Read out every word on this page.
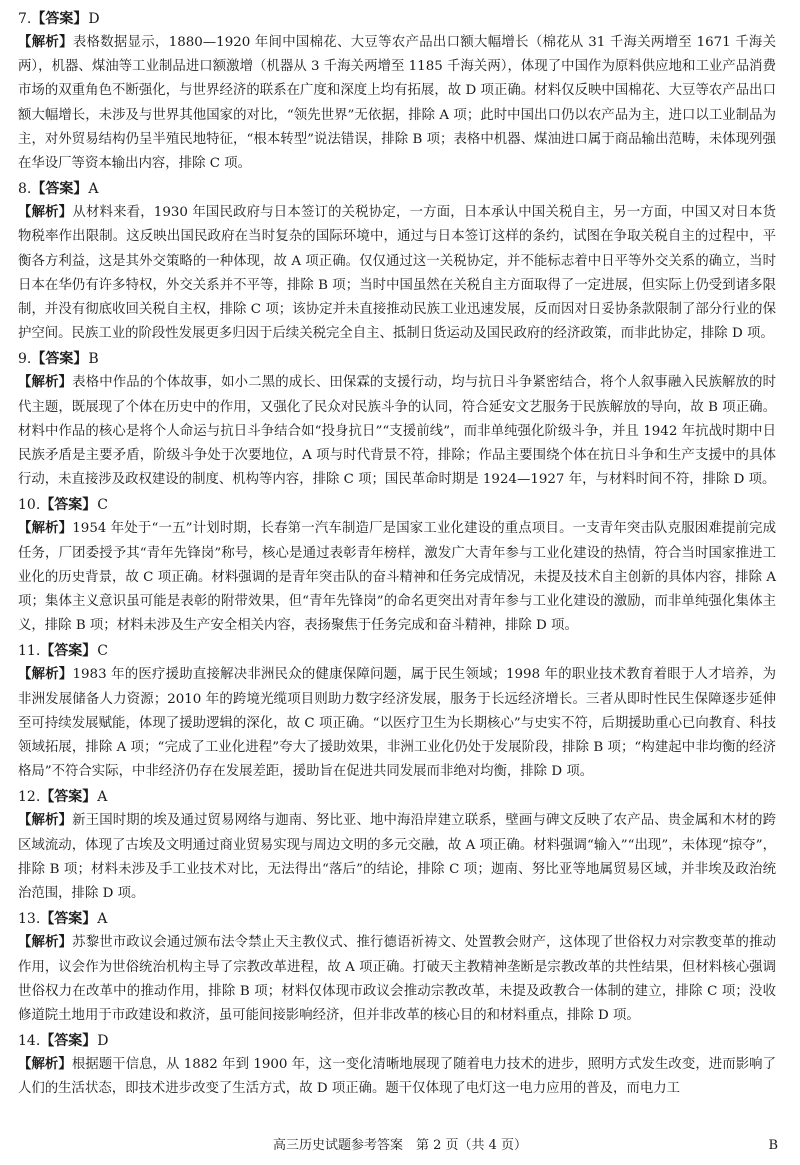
7.【答案】D

【解析】表格数据显示，1880—1920 年间中国棉花、大豆等农产品出口额大幅增长（棉花从 31 千海关两增至 1671 千海关两），机器、煤油等工业制品进口额激增（机器从 3 千海关两增至 1185 千海关两），体现了中国作为原料供应地和工业产品消费市场的双重角色不断强化，与世界经济的联系在广度和深度上均有拓展，故 D 项正确。材料仅反映中国棉花、大豆等农产品出口额大幅增长，未涉及与世界其他国家的对比，“领先世界”无依据，排除 A 项；此时中国出口仍以农产品为主，进口以工业制品为主，对外贸易结构仍呈半殖民地特征，“根本转型”说法错误，排除 B 项；表格中机器、煤油进口属于商品输出范畴，未体现列强在华设厂等资本输出内容，排除 C 项。

8.【答案】A

【解析】从材料来看，1930 年国民政府与日本签订的关税协定，一方面，日本承认中国关税自主，另一方面，中国又对日本货物税率作出限制。这反映出国民政府在当时复杂的国际环境中，通过与日本签订这样的条约，试图在争取关税自主的过程中，平衡各方利益，这是其外交策略的一种体现，故 A 项正确。仅仅通过这一关税协定，并不能标志着中日平等外交关系的确立，当时日本在华仍有许多特权，外交关系并不平等，排除 B 项；当时中国虽然在关税自主方面取得了一定进展，但实际上仍受到诸多限制，并没有彻底收回关税自主权，排除 C 项；该协定并未直接推动民族工业迅速发展，反而因对日妥协条款限制了部分行业的保护空间。民族工业的阶段性发展更多归因于后续关税完全自主、抵制日货运动及国民政府的经济政策，而非此协定，排除 D 项。

9.【答案】B

【解析】表格中作品的个体故事，如小二黑的成长、田保霖的支援行动，均与抗日斗争紧密结合，将个人叙事融入民族解放的时代主题，既展现了个体在历史中的作用，又强化了民众对民族斗争的认同，符合延安文艺服务于民族解放的导向，故 B 项正确。材料中作品的核心是将个人命运与抗日斗争结合如“投身抗日”“支援前线”，而非单纯强化阶级斗争，并且 1942 年抗战时期中日民族矛盾是主要矛盾，阶级斗争处于次要地位，A 项与时代背景不符，排除；作品主要围绕个体在抗日斗争和生产支援中的具体行动，未直接涉及政权建设的制度、机构等内容，排除 C 项；国民革命时期是 1924—1927 年，与材料时间不符，排除 D 项。

10.【答案】C

【解析】1954 年处于“一五”计划时期，长春第一汽车制造厂是国家工业化建设的重点项目。一支青年突击队克服困难提前完成任务，厂团委授予其“青年先锋岗”称号，核心是通过表彰青年榜样，激发广大青年参与工业化建设的热情，符合当时国家推进工业化的历史背景，故 C 项正确。材料强调的是青年突击队的奋斗精神和任务完成情况，未提及技术自主创新的具体内容，排除 A 项；集体主义意识虽可能是表彰的附带效果，但“青年先锋岗”的命名更突出对青年参与工业化建设的激励，而非单纯强化集体主义，排除 B 项；材料未涉及生产安全相关内容，表扬聚焦于任务完成和奋斗精神，排除 D 项。

11.【答案】C

【解析】1983 年的医疗援助直接解决非洲民众的健康保障问题，属于民生领域；1998 年的职业技术教育着眼于人才培养，为非洲发展储备人力资源；2010 年的跨境光缆项目则助力数字经济发展，服务于长远经济增长。三者从即时性民生保障逐步延伸至可持续发展赋能，体现了援助逻辑的深化，故 C 项正确。“以医疗卫生为长期核心”与史实不符，后期援助重心已向教育、科技领域拓展，排除 A 项；“完成了工业化进程”夸大了援助效果，非洲工业化仍处于发展阶段，排除 B 项；“构建起中非均衡的经济格局”不符合实际，中非经济仍存在发展差距，援助旨在促进共同发展而非绝对均衡，排除 D 项。

12.【答案】A

【解析】新王国时期的埃及通过贸易网络与迦南、努比亚、地中海沿岸建立联系，壁画与碑文反映了农产品、贵金属和木材的跨区域流动，体现了古埃及文明通过商业贸易实现与周边文明的多元交融，故 A 项正确。材料强调“输入”“出现”，未体现“掠夺”，排除 B 项；材料未涉及手工业技术对比，无法得出“落后”的结论，排除 C 项；迦南、努比亚等地属贸易区域，并非埃及政治统治范围，排除 D 项。

13.【答案】A

【解析】苏黎世市政议会通过颁布法令禁止天主教仪式、推行德语祈祷文、处置教会财产，这体现了世俗权力对宗教变革的推动作用，议会作为世俗统治机构主导了宗教改革进程，故 A 项正确。打破天主教精神垄断是宗教改革的共性结果，但材料核心强调世俗权力在改革中的推动作用，排除 B 项；材料仅体现市政议会推动宗教改革，未提及政教合一体制的建立，排除 C 项；没收修道院土地用于市政建设和救济，虽可能间接影响经济，但并非改革的核心目的和材料重点，排除 D 项。

14.【答案】D

【解析】根据题干信息，从 1882 年到 1900 年，这一变化清晰地展现了随着电力技术的进步，照明方式发生改变，进而影响了人们的生活状态，即技术进步改变了生活方式，故 D 项正确。题干仅体现了电灯这一电力应用的普及，而电力工

高三历史试题参考答案　第 2 页（共 4 页）	B
